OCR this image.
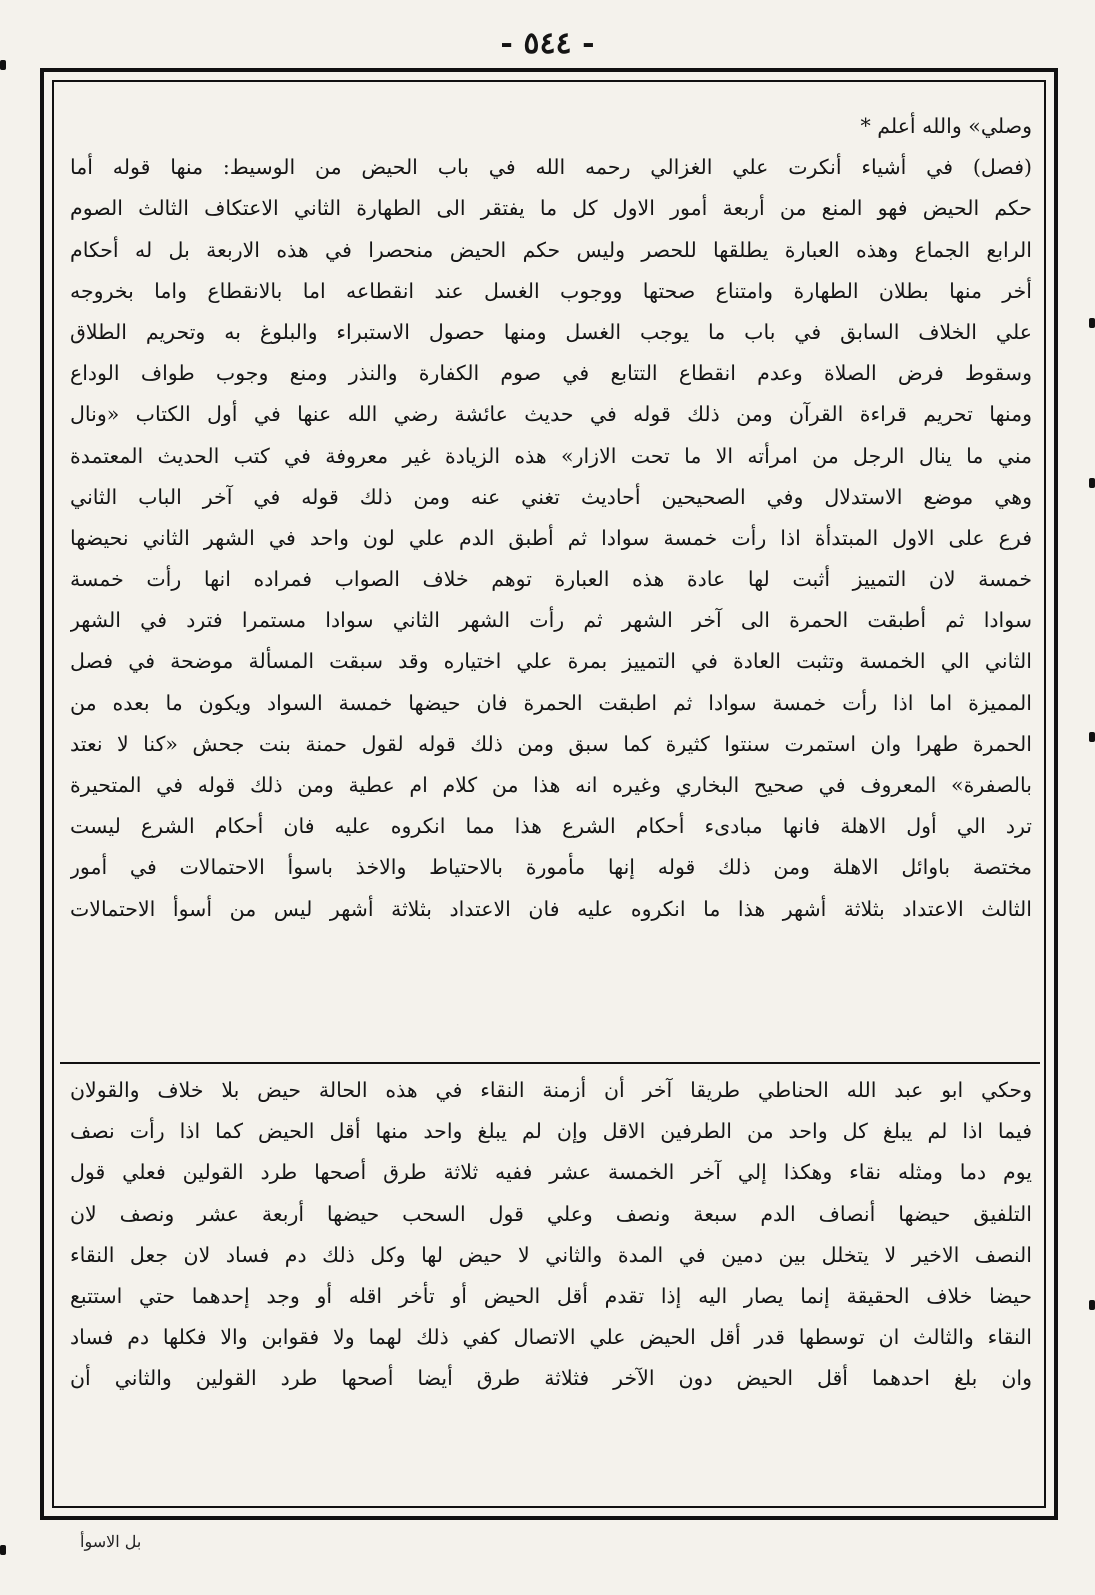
- ٥٤٤ -
وصلي» والله أعلم *
(فصل) في أشياء أنكرت علي الغزالي رحمه الله في باب الحيض من الوسيط: منها قوله أما
حكم الحيض فهو المنع من أربعة أمور الاول كل ما يفتقر الى الطهارة الثاني الاعتكاف الثالث الصوم
الرابع الجماع وهذه العبارة يطلقها للحصر وليس حكم الحيض منحصرا في هذه الاربعة بل له أحكام
أخر منها بطلان الطهارة وامتناع صحتها ووجوب الغسل عند انقطاعه اما بالانقطاع واما بخروجه
علي الخلاف السابق في باب ما يوجب الغسل ومنها حصول الاستبراء والبلوغ به وتحريم الطلاق
وسقوط فرض الصلاة وعدم انقطاع التتابع في صوم الكفارة والنذر ومنع وجوب طواف الوداع
ومنها تحريم قراءة القرآن ومن ذلك قوله في حديث عائشة رضي الله عنها في أول الكتاب «ونال
مني ما ينال الرجل من امرأته الا ما تحت الازار» هذه الزيادة غير معروفة في كتب الحديث المعتمدة
وهي موضع الاستدلال وفي الصحيحين أحاديث تغني عنه ومن ذلك قوله في آخر الباب الثاني
فرع على الاول المبتدأة اذا رأت خمسة سوادا ثم أطبق الدم علي لون واحد في الشهر الثاني نحيضها
خمسة لان التمييز أثبت لها عادة هذه العبارة توهم خلاف الصواب فمراده انها رأت خمسة
سوادا ثم أطبقت الحمرة الى آخر الشهر ثم رأت الشهر الثاني سوادا مستمرا فترد في الشهر
الثاني الي الخمسة وتثبت العادة في التمييز بمرة علي اختياره وقد سبقت المسألة موضحة في فصل
المميزة اما اذا رأت خمسة سوادا ثم اطبقت الحمرة فان حيضها خمسة السواد ويكون ما بعده من
الحمرة طهرا وان استمرت سنتوا كثيرة كما سبق ومن ذلك قوله لقول حمنة بنت جحش «كنا لا نعتد
بالصفرة» المعروف في صحيح البخاري وغيره انه هذا من كلام ام عطية ومن ذلك قوله في المتحيرة
ترد الي أول الاهلة فانها مبادىء أحكام الشرع هذا مما انكروه عليه فان أحكام الشرع ليست
مختصة باوائل الاهلة ومن ذلك قوله إنها مأمورة بالاحتياط والاخذ باسوأ الاحتمالات في أمور
الثالث الاعتداد بثلاثة أشهر هذا ما انكروه عليه فان الاعتداد بثلاثة أشهر ليس من أسوأ الاحتمالات
وحكي ابو عبد الله الحناطي طريقا آخر أن أزمنة النقاء في هذه الحالة حيض بلا خلاف والقولان
فيما اذا لم يبلغ كل واحد من الطرفين الاقل وإن لم يبلغ واحد منها أقل الحيض كما اذا رأت نصف
يوم دما ومثله نقاء وهكذا إلي آخر الخمسة عشر ففيه ثلاثة طرق أصحها طرد القولين فعلي قول
التلفيق حيضها أنصاف الدم سبعة ونصف وعلي قول السحب حيضها أربعة عشر ونصف لان
النصف الاخير لا يتخلل بين دمين في المدة والثاني لا حيض لها وكل ذلك دم فساد لان جعل النقاء
حيضا خلاف الحقيقة إنما يصار اليه إذا تقدم أقل الحيض أو تأخر اقله أو وجد إحدهما حتي استتبع
النقاء والثالث ان توسطها قدر أقل الحيض علي الاتصال كفي ذلك لهما ولا فقوابن والا فكلها دم فساد
وان بلغ احدهما أقل الحيض دون الآخر فثلاثة طرق أيضا أصحها طرد القولين والثاني أن
بل الاسوأ
